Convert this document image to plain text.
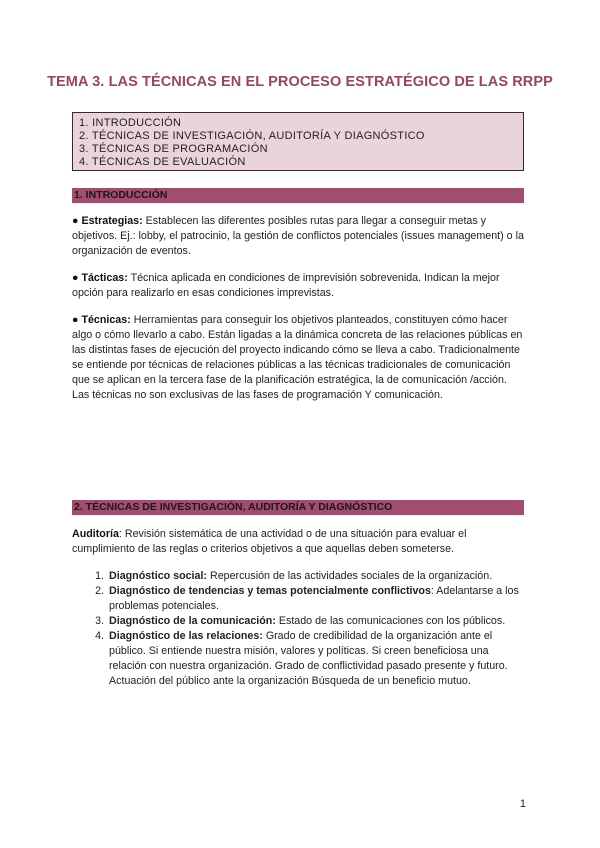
TEMA 3. LAS TÉCNICAS EN EL PROCESO ESTRATÉGICO DE LAS RRPP
1. INTRODUCCIÓN
2. TÉCNICAS DE INVESTIGACIÓN, AUDITORÍA Y DIAGNÓSTICO
3. TÉCNICAS DE PROGRAMACIÓN
4. TÉCNICAS DE EVALUACIÓN
1. INTRODUCCIÓN
● Estrategias: Establecen las diferentes posibles rutas para llegar a conseguir metas y objetivos. Ej.: lobby, el patrocinio, la gestión de conflictos potenciales (issues management) o la organización de eventos.
● Tácticas: Técnica aplicada en condiciones de imprevisión sobrevenida. Indican la mejor opción para realizarlo en esas condiciones imprevistas.
● Técnicas: Herramientas para conseguir los objetivos planteados, constituyen cómo hacer algo o cómo llevarlo a cabo. Están ligadas a la dinámica concreta de las relaciones públicas en las distintas fases de ejecución del proyecto indicando cómo se lleva a cabo. Tradicionalmente se entiende por técnicas de relaciones públicas a las técnicas tradicionales de comunicación que se aplican en la tercera fase de la planificación estratégica, la de comunicación /acción. Las técnicas no son exclusivas de las fases de programación Y comunicación.
2. TÉCNICAS DE INVESTIGACIÓN, AUDITORÍA Y DIAGNÓSTICO
Auditoría: Revisión sistemática de una actividad o de una situación para evaluar el cumplimiento de las reglas o criterios objetivos a que aquellas deben someterse.
1. Diagnóstico social: Repercusión de las actividades sociales de la organización.
2. Diagnóstico de tendencias y temas potencialmente conflictivos: Adelantarse a los problemas potenciales.
3. Diagnóstico de la comunicación: Estado de las comunicaciones con los públicos.
4. Diagnóstico de las relaciones: Grado de credibilidad de la organización ante el público. Si entiende nuestra misión, valores y políticas. Si creen beneficiosa una relación con nuestra organización. Grado de conflictividad pasado presente y futuro. Actuación del público ante la organización Búsqueda de un beneficio mutuo.
1
